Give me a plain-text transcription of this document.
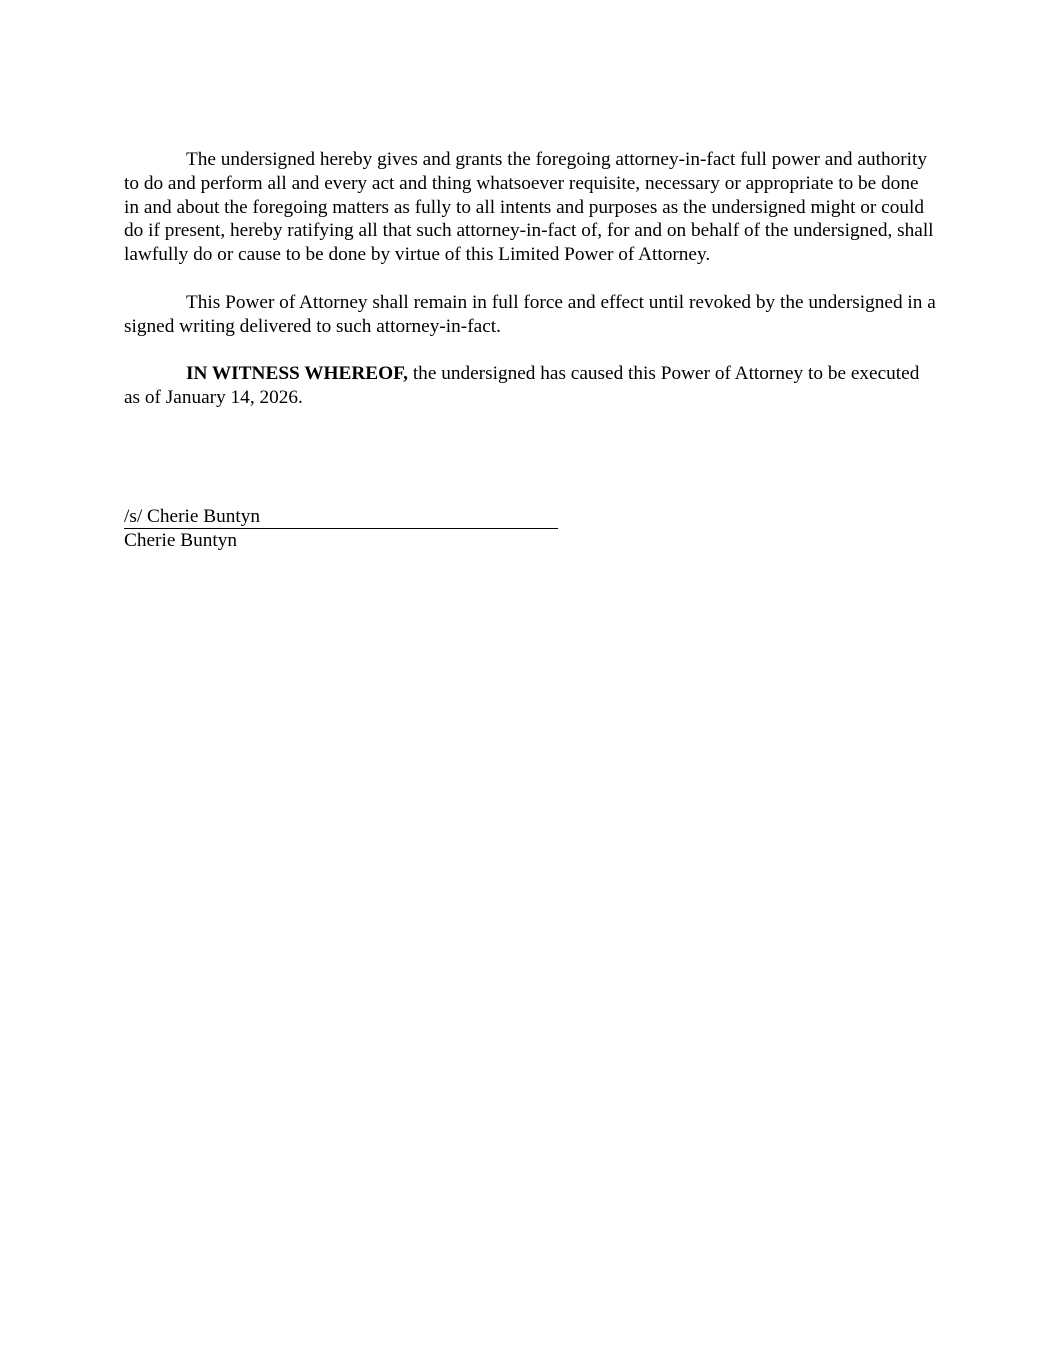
The undersigned hereby gives and grants the foregoing attorney-in-fact full power and authority to do and perform all and every act and thing whatsoever requisite, necessary or appropriate to be done in and about the foregoing matters as fully to all intents and purposes as the undersigned might or could do if present, hereby ratifying all that such attorney-in-fact of, for and on behalf of the undersigned, shall lawfully do or cause to be done by virtue of this Limited Power of Attorney.

This Power of Attorney shall remain in full force and effect until revoked by the undersigned in a signed writing delivered to such attorney-in-fact.

IN WITNESS WHEREOF, the undersigned has caused this Power of Attorney to be executed as of January 14, 2026.

/s/ Cherie Buntyn
Cherie Buntyn
